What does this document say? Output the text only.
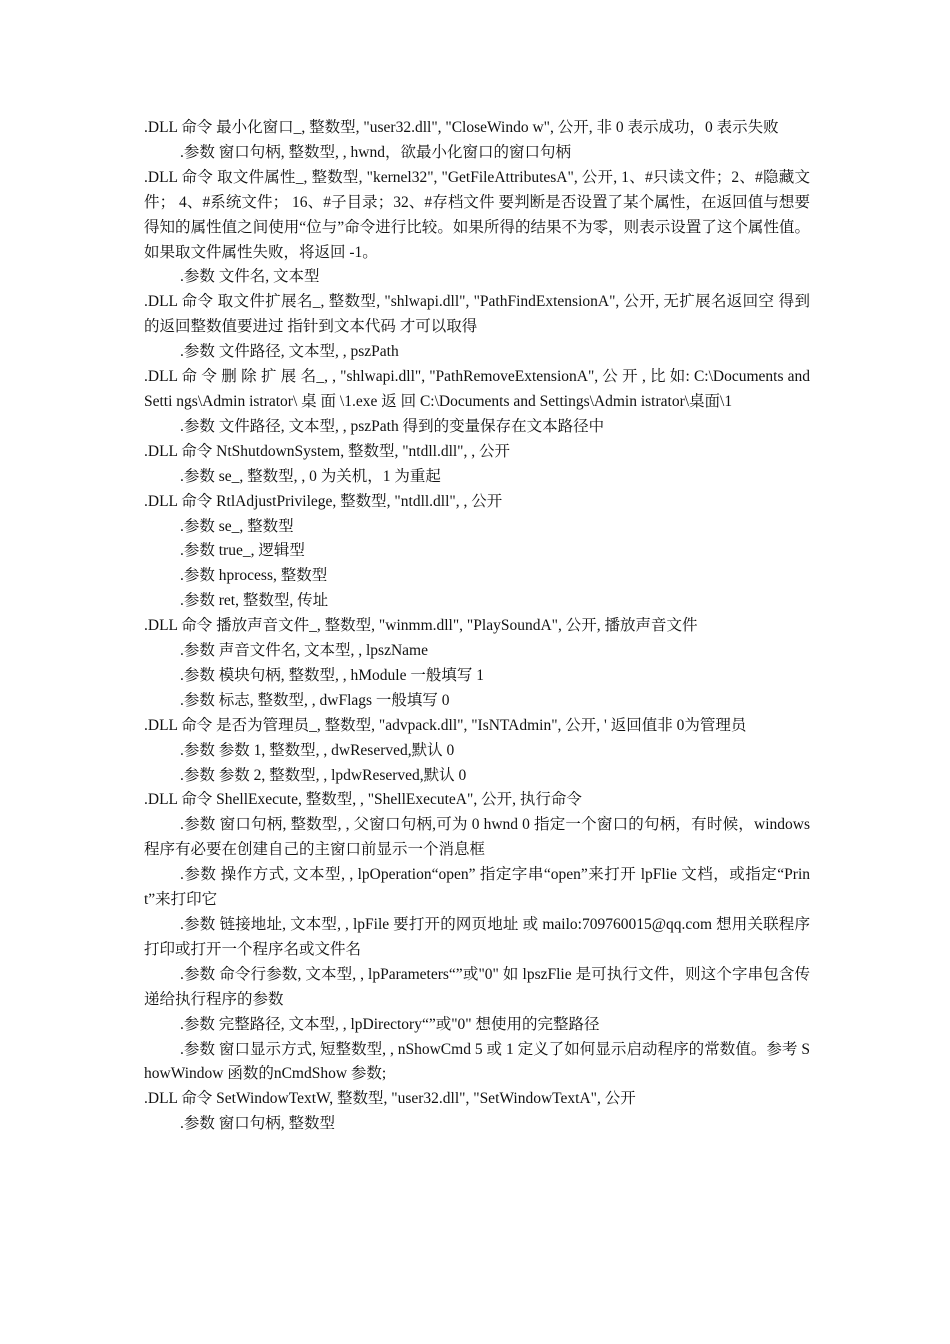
.DLL 命令 最小化窗口_, 整数型, "user32.dll", "CloseWindo w", 公开, 非 0 表示成功，0 表示失败

.参数 窗口句柄, 整数型, , hwnd，欲最小化窗口的窗口句柄

.DLL 命令 取文件属性_, 整数型, "kernel32", "GetFileAttributesA", 公开, 1、#只读文件；2、#隐藏文件； 4、#系统文件； 16、#子目录；32、#存档文件 要判断是否设置了某个属性，在返回值与想要得知的属性值之间使用“位与”命令进行比较。如果所得的结果不为零，则表示设置了这个属性值。如果取文件属性失败，将返回 -1。

.参数 文件名, 文本型

.DLL 命令 取文件扩展名_, 整数型, "shlwapi.dll", "PathFindExtensionA", 公开, 无扩展名返回空 得到的返回整数值要进过 指针到文本代码 才可以取得

.参数 文件路径, 文本型, , pszPath

.DLL 命 令 删 除 扩 展 名_, , "shlwapi.dll", "PathRemoveExtensionA", 公 开 , 比 如: C:\Documents and Setti ngs\Admin istrator\ 桌 面 \1.exe 返 回 C:\Documents and Settings\Admin istrator\桌面\1

.参数 文件路径, 文本型, , pszPath 得到的变量保存在文本路径中

.DLL 命令 NtShutdownSystem, 整数型, "ntdll.dll", , 公开

.参数 se_, 整数型, , 0 为关机，1 为重起

.DLL 命令 RtlAdjustPrivilege, 整数型, "ntdll.dll", , 公开

.参数 se_, 整数型

.参数 true_, 逻辑型

.参数 hprocess, 整数型

.参数 ret, 整数型, 传址

.DLL 命令 播放声音文件_, 整数型, "winmm.dll", "PlaySoundA", 公开, 播放声音文件

.参数 声音文件名, 文本型, , lpszName

.参数 模块句柄, 整数型, , hModule 一般填写 1

.参数 标志, 整数型, , dwFlags 一般填写 0

.DLL 命令 是否为管理员_, 整数型, "advpack.dll", "IsNTAdmin", 公开, ' 返回值非 0为管理员

.参数 参数 1, 整数型, , dwReserved,默认 0

.参数 参数 2, 整数型, , lpdwReserved,默认 0

.DLL 命令 ShellExecute, 整数型, , "ShellExecuteA", 公开, 执行命令

.参数 窗口句柄, 整数型, , 父窗口句柄,可为 0 hwnd 0 指定一个窗口的句柄，有时候，windows 程序有必要在创建自己的主窗口前显示一个消息框

.参数 操作方式, 文本型, , lpOperation“open” 指定字串“open”来打开 lpFlie 文档，或指定“Print”来打印它

.参数 链接地址, 文本型, , lpFile 要打开的网页地址 或 mailo:709760015@qq.com 想用关联程序打印或打开一个程序名或文件名

.参数 命令行参数, 文本型, , lpParameters“”或"0" 如 lpszFlie 是可执行文件，则这个字串包含传递给执行程序的参数

.参数 完整路径, 文本型, , lpDirectory“”或"0" 想使用的完整路径

.参数 窗口显示方式, 短整数型, , nShowCmd 5 或 1 定义了如何显示启动程序的常数值。参考 ShowWindow 函数的nCmdShow 参数;

.DLL 命令 SetWindowTextW, 整数型, "user32.dll", "SetWindowTextA", 公开

.参数 窗口句柄, 整数型
